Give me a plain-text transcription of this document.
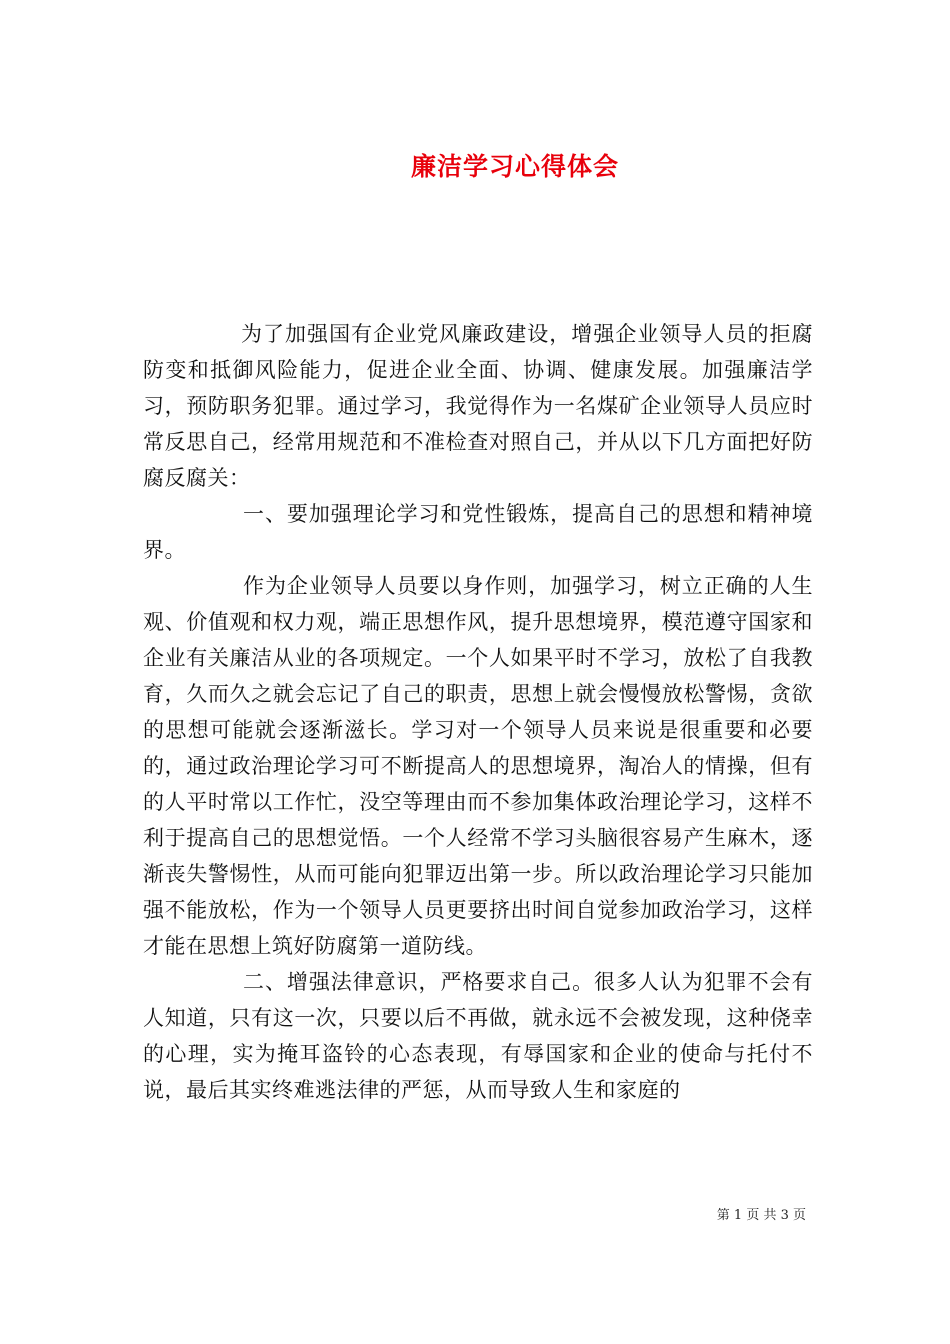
廉洁学习心得体会

为了加强国有企业党风廉政建设，增强企业领导人员的拒腐防变和抵御风险能力，促进企业全面、协调、健康发展。加强廉洁学习，预防职务犯罪。通过学习，我觉得作为一名煤矿企业领导人员应时常反思自己，经常用规范和不准检查对照自己，并从以下几方面把好防腐反腐关：

一、要加强理论学习和党性锻炼，提高自己的思想和精神境界。

作为企业领导人员要以身作则，加强学习，树立正确的人生观、价值观和权力观，端正思想作风，提升思想境界，模范遵守国家和企业有关廉洁从业的各项规定。一个人如果平时不学习，放松了自我教育，久而久之就会忘记了自己的职责，思想上就会慢慢放松警惕，贪欲的思想可能就会逐渐滋长。学习对一个领导人员来说是很重要和必要的，通过政治理论学习可不断提高人的思想境界，淘冶人的情操，但有的人平时常以工作忙，没空等理由而不参加集体政治理论学习，这样不利于提高自己的思想觉悟。一个人经常不学习头脑很容易产生麻木，逐渐丧失警惕性，从而可能向犯罪迈出第一步。所以政治理论学习只能加强不能放松，作为一个领导人员更要挤出时间自觉参加政治学习，这样才能在思想上筑好防腐第一道防线。

二、增强法律意识，严格要求自己。很多人认为犯罪不会有人知道，只有这一次，只要以后不再做，就永远不会被发现，这种侥幸的心理，实为掩耳盗铃的心态表现，有辱国家和企业的使命与托付不说，最后其实终难逃法律的严惩，从而导致人生和家庭的

第 1 页 共 3 页
